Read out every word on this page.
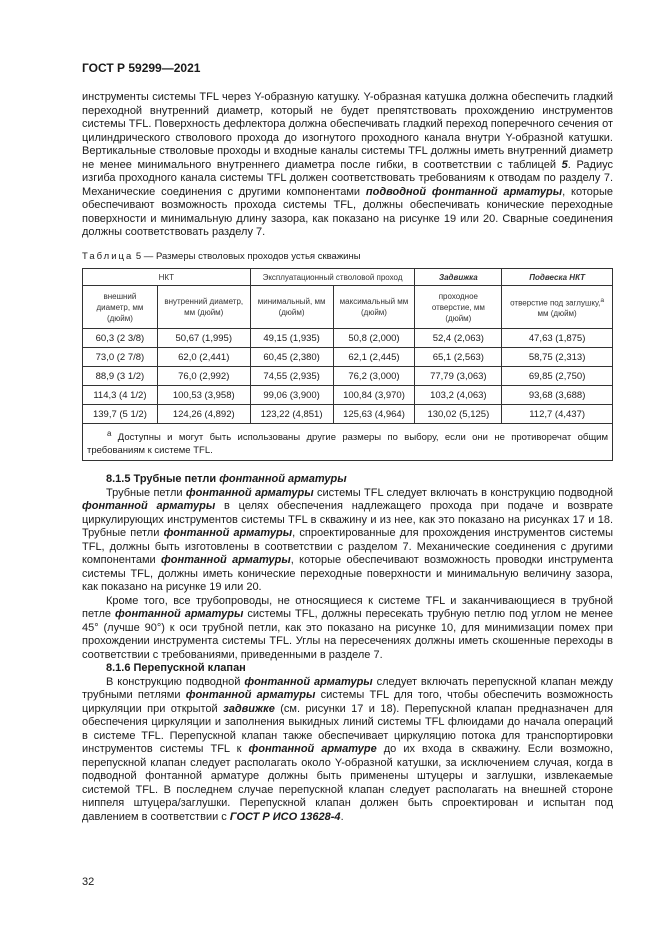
ГОСТ Р 59299—2021

инструменты системы TFL через Y-образную катушку. Y-образная катушка должна обеспечить гладкий переходной внутренний диаметр, который не будет препятствовать прохождению инструментов системы TFL. Поверхность дефлектора должна обеспечивать гладкий переход поперечного сечения от цилиндрического стволового прохода до изогнутого проходного канала внутри Y-образной катушки. Вертикальные стволовые проходы и входные каналы системы TFL должны иметь внутренний диаметр не менее минимального внутреннего диаметра после гибки, в соответствии с таблицей 5. Радиус изгиба проходного канала системы TFL должен соответствовать требованиям к отводам по разделу 7. Механические соединения с другими компонентами подводной фонтанной арматуры, которые обеспечивают возможность прохода системы TFL, должны обеспечивать конические переходные поверхности и минимальную длину зазора, как показано на рисунке 19 или 20. Сварные соединения должны соответствовать разделу 7.

Таблица 5 — Размеры стволовых проходов устья скважины
НКТ		Эксплуатационный стволовой проход		Задвижка	Подвеска НКТ
внешний диаметр, мм (дюйм)	внутренний диаметр, мм (дюйм)	минимальный, мм (дюйм)	максимальный мм (дюйм)	проходное отверстие, мм (дюйм)	отверстие под заглушку,$^а$ мм (дюйм)
60,3 (2 3/8)	50,67 (1,995)	49,15 (1,935)	50,8 (2,000)	52,4 (2,063)	47,63 (1,875)
73,0 (2 7/8)	62,0 (2,441)	60,45 (2,380)	62,1 (2,445)	65,1 (2,563)	58,75 (2,313)
88,9 (3 1/2)	76,0 (2,992)	74,55 (2,935)	76,2 (3,000)	77,79 (3,063)	69,85 (2,750)
114,3 (4 1/2)	100,53 (3,958)	99,06 (3,900)	100,84 (3,970)	103,2 (4,063)	93,68 (3,688)
139,7 (5 1/2)	124,26 (4,892)	123,22 (4,851)	125,63 (4,964)	130,02 (5,125)	112,7 (4,437)
$^а$ Доступны и могут быть использованы другие размеры по выбору, если они не противоречат общим требованиям к системе TFL.					
8.1.5 Трубные петли фонтанной арматуры

Трубные петли фонтанной арматуры системы TFL следует включать в конструкцию подводной фонтанной арматуры в целях обеспечения надлежащего прохода при подаче и возврате циркулирующих инструментов системы TFL в скважину и из нее, как это показано на рисунках 17 и 18. Трубные петли фонтанной арматуры, спроектированные для прохождения инструментов системы TFL, должны быть изготовлены в соответствии с разделом 7. Механические соединения с другими компонентами фонтанной арматуры, которые обеспечивают возможность проводки инструмента системы TFL, должны иметь конические переходные поверхности и минимальную величину зазора, как показано на рисунке 19 или 20.

Кроме того, все трубопроводы, не относящиеся к системе TFL и заканчивающиеся в трубной петле фонтанной арматуры системы TFL, должны пересекать трубную петлю под углом не менее 45° (лучше 90°) к оси трубной петли, как это показано на рисунке 10, для минимизации помех при прохождении инструмента системы TFL. Углы на пересечениях должны иметь скошенные переходы в соответствии с требованиями, приведенными в разделе 7.

8.1.6 Перепускной клапан

В конструкцию подводной фонтанной арматуры следует включать перепускной клапан между трубными петлями фонтанной арматуры системы TFL для того, чтобы обеспечить возможность циркуляции при открытой задвижке (см. рисунки 17 и 18). Перепускной клапан предназначен для обеспечения циркуляции и заполнения выкидных линий системы TFL флюидами до начала операций в системе TFL. Перепускной клапан также обеспечивает циркуляцию потока для транспортировки инструментов системы TFL к фонтанной арматуре до их входа в скважину. Если возможно, перепускной клапан следует располагать около Y-образной катушки, за исключением случая, когда в подводной фонтанной арматуре должны быть применены штуцеры и заглушки, извлекаемые системой TFL. В последнем случае перепускной клапан следует располагать на внешней стороне ниппеля штуцера/заглушки. Перепускной клапан должен быть спроектирован и испытан под давлением в соответствии с ГОСТ Р ИСО 13628-4.

32
